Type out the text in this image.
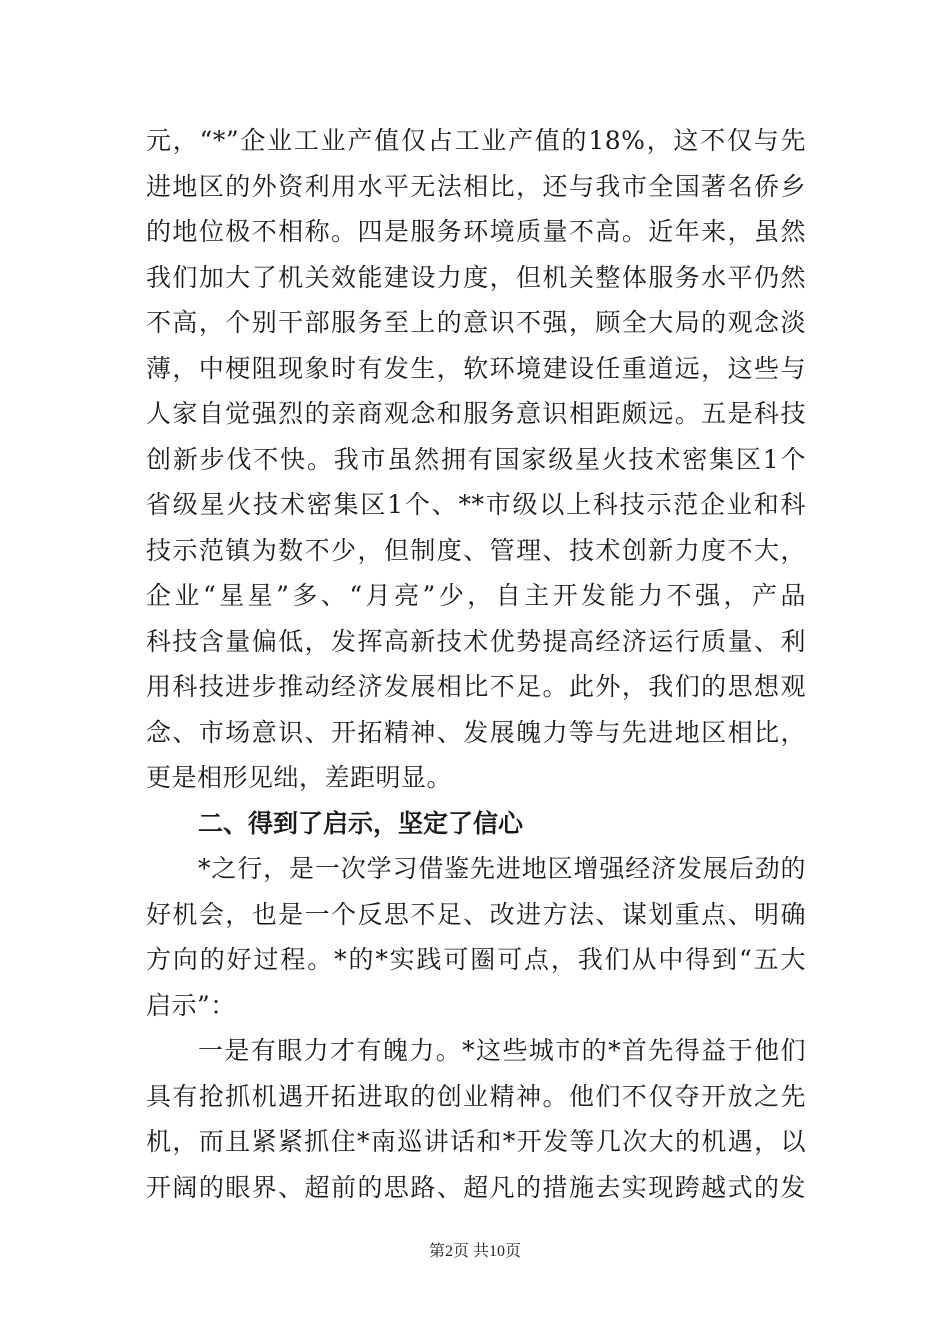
元，“*”企业工业产值仅占工业产值的18%，这不仅与先
进地区的外资利用水平无法相比，还与我市全国著名侨乡
的地位极不相称。四是服务环境质量不高。近年来，虽然
我们加大了机关效能建设力度，但机关整体服务水平仍然
不高，个别干部服务至上的意识不强，顾全大局的观念淡
薄，中梗阻现象时有发生，软环境建设任重道远，这些与
人家自觉强烈的亲商观念和服务意识相距颇远。五是科技
创新步伐不快。我市虽然拥有国家级星火技术密集区1个
省级星火技术密集区1个、**市级以上科技示范企业和科
技示范镇为数不少，但制度、管理、技术创新力度不大，
企业“星星”多、“月亮”少，自主开发能力不强，产品
科技含量偏低，发挥高新技术优势提高经济运行质量、利
用科技进步推动经济发展相比不足。此外，我们的思想观
念、市场意识、开拓精神、发展魄力等与先进地区相比，
更是相形见绌，差距明显。
二、得到了启示，坚定了信心
*之行，是一次学习借鉴先进地区增强经济发展后劲的
好机会，也是一个反思不足、改进方法、谋划重点、明确
方向的好过程。*的*实践可圈可点，我们从中得到“五大
启示”：
一是有眼力才有魄力。*这些城市的*首先得益于他们
具有抢抓机遇开拓进取的创业精神。他们不仅夺开放之先
机，而且紧紧抓住*南巡讲话和*开发等几次大的机遇，以
开阔的眼界、超前的思路、超凡的措施去实现跨越式的发
第2页 共10页
